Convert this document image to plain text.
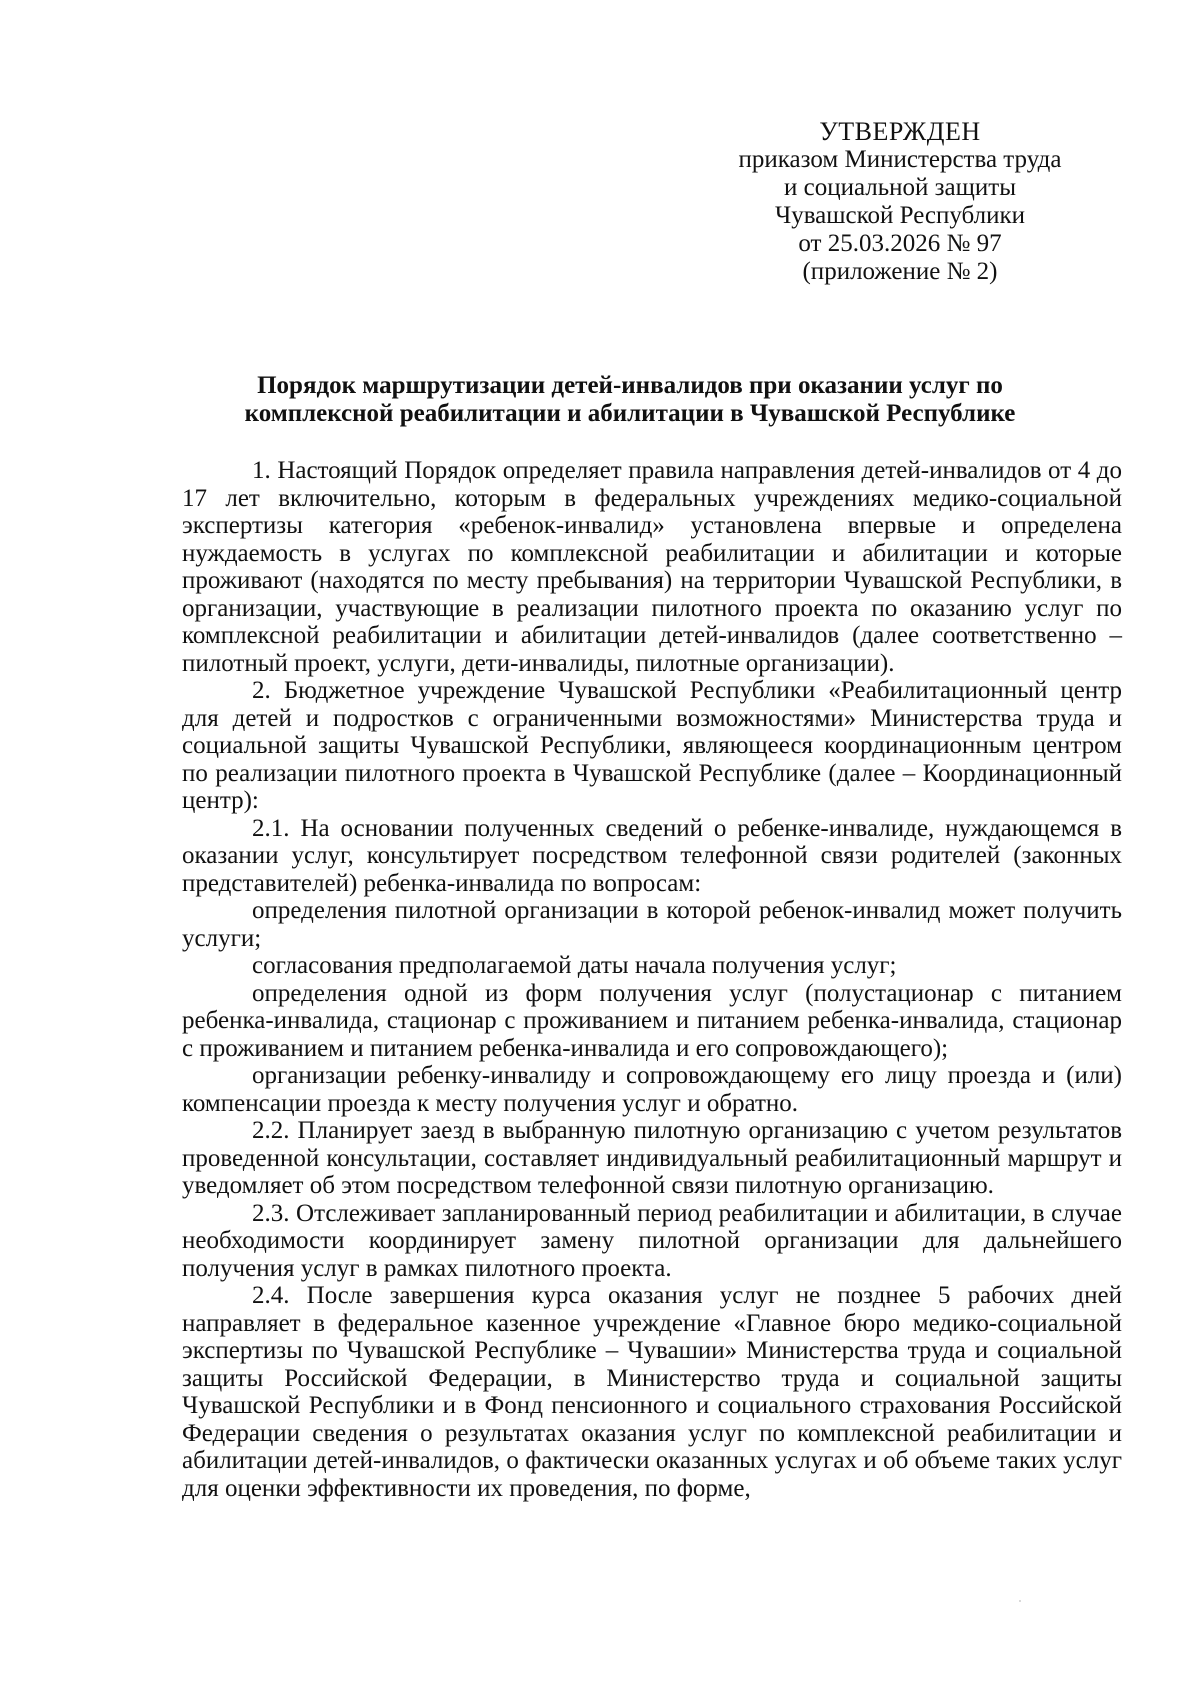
УТВЕРЖДЕН
приказом Министерства труда
и социальной защиты
Чувашской Республики
от 25.03.2026 № 97
(приложение № 2)
Порядок маршрутизации детей-инвалидов при оказании услуг по
комплексной реабилитации и абилитации в Чувашской Республике

1. Настоящий Порядок определяет правила направления детей-инвалидов от 4 до 17 лет включительно, которым в федеральных учреждениях медико-социальной экспертизы категория «ребенок-инвалид» установлена впервые и определена нуждаемость в услугах по комплексной реабилитации и абилитации и которые проживают (находятся по месту пребывания) на территории Чувашской Республики, в организации, участвующие в реализации пилотного проекта по оказанию услуг по комплексной реабилитации и абилитации детей-инвалидов (далее соответственно – пилотный проект, услуги, дети-инвалиды, пилотные организации).

2. Бюджетное учреждение Чувашской Республики «Реабилитационный центр для детей и подростков с ограниченными возможностями» Министерства труда и социальной защиты Чувашской Республики, являющееся координационным центром по реализации пилотного проекта в Чувашской Республике (далее – Координационный центр):

2.1. На основании полученных сведений о ребенке-инвалиде, нуждающемся в оказании услуг, консультирует посредством телефонной связи родителей (законных представителей) ребенка-инвалида по вопросам:

определения пилотной организации в которой ребенок-инвалид может получить услуги;

согласования предполагаемой даты начала получения услуг;

определения одной из форм получения услуг (полустационар с питанием ребенка-инвалида, стационар с проживанием и питанием ребенка-инвалида, стационар с проживанием и питанием ребенка-инвалида и его сопровождающего);

организации ребенку-инвалиду и сопровождающему его лицу проезда и (или) компенсации проезда к месту получения услуг и обратно.

2.2. Планирует заезд в выбранную пилотную организацию с учетом результатов проведенной консультации, составляет индивидуальный реабилитационный маршрут и уведомляет об этом посредством телефонной связи пилотную организацию.

2.3. Отслеживает запланированный период реабилитации и абилитации, в случае необходимости координирует замену пилотной организации для дальнейшего получения услуг в рамках пилотного проекта.

2.4. После завершения курса оказания услуг не позднее 5 рабочих дней направляет в федеральное казенное учреждение «Главное бюро медико-социальной экспертизы по Чувашской Республике – Чувашии» Министерства труда и социальной защиты Российской Федерации, в Министерство труда и социальной защиты Чувашской Республики и в Фонд пенсионного и социального страхования Российской Федерации сведения о результатах оказания услуг по комплексной реабилитации и абилитации детей-инвалидов, о фактически оказанных услугах и об объеме таких услуг для оценки эффективности их проведения, по форме,
